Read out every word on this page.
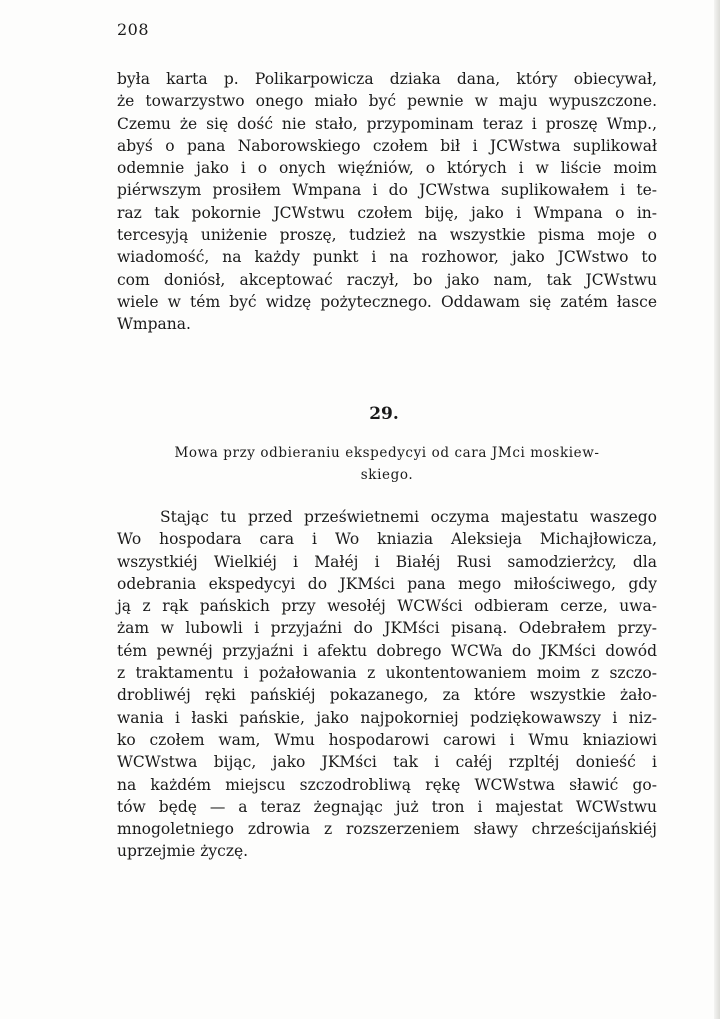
208
była karta p. Polikarpowicza dziaka dana, który obiecywał,
że towarzystwo onego miało być pewnie w maju wypuszczone.
Czemu że się dość nie stało, przypominam teraz i proszę Wmp.,
abyś o pana Naborowskiego czołem bił i JCWstwa suplikował
odemnie jako i o onych więźniów, o których i w liście moim
piérwszym prosiłem Wmpana i do JCWstwa suplikowałem i te-
raz tak pokornie JCWstwu czołem biję, jako i Wmpana o in-
tercesyją uniżenie proszę, tudzież na wszystkie pisma moje o
wiadomość, na każdy punkt i na rozhowor, jako JCWstwo to
com doniósł, akceptować raczył, bo jako nam, tak JCWstwu
wiele w tém być widzę pożytecznego. Oddawam się zatém łasce
Wmpana.
29.
Mowa przy odbieraniu ekspedycyi od cara JMci moskiew-
skiego.
Stając tu przed prześwietnemi oczyma majestatu waszego
Wo hospodara cara i Wo kniazia Aleksieja Michajłowicza,
wszystkiéj Wielkiéj i Małéj i Białéj Rusi samodzierżcy, dla
odebrania ekspedycyi do JKMści pana mego miłościwego, gdy
ją z rąk pańskich przy wesołéj WCWści odbieram cerze, uwa-
żam w lubowli i przyjaźni do JKMści pisaną. Odebrałem przy-
tém pewnéj przyjaźni i afektu dobrego WCWa do JKMści dowód
z traktamentu i pożałowania z ukontentowaniem moim z szczo-
drobliwéj ręki pańskiéj pokazanego, za które wszystkie żało-
wania i łaski pańskie, jako najpokorniej podziękowawszy i niz-
ko czołem wam, Wmu hospodarowi carowi i Wmu kniaziowi
WCWstwa bijąc, jako JKMści tak i całéj rzpltéj donieść i
na każdém miejscu szczodrobliwą rękę WCWstwa sławić go-
tów będę — a teraz żegnając już tron i majestat WCWstwu
mnogoletniego zdrowia z rozszerzeniem sławy chrześcijańskiéj
uprzejmie życzę.
